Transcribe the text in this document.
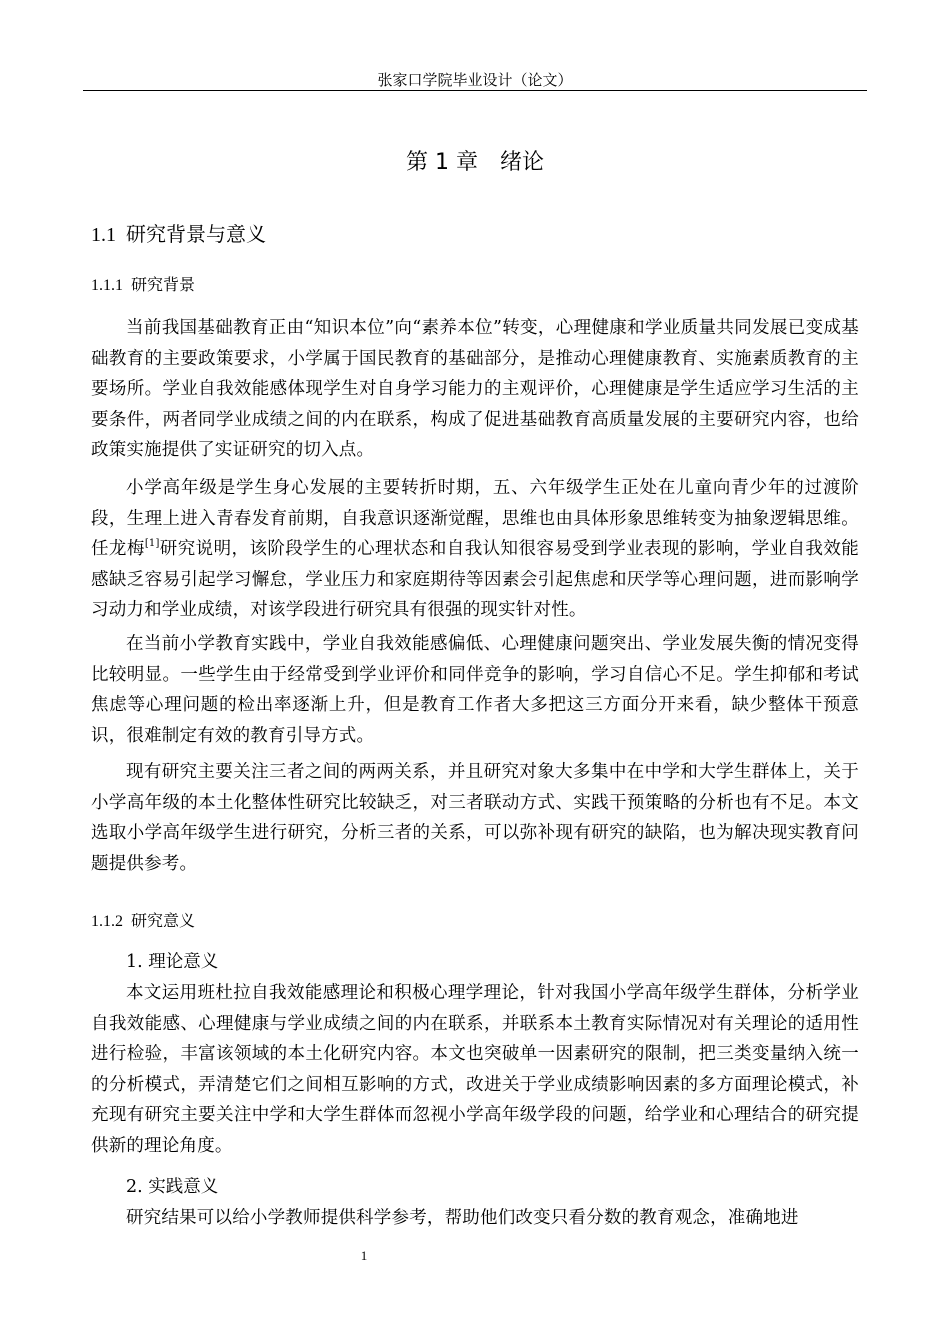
张家口学院毕业设计（论文）
第 1 章 绪论
1.1 研究背景与意义
1.1.1 研究背景
当前我国基础教育正由“知识本位”向“素养本位”转变，心理健康和学业质量共同发展已变成基础教育的主要政策要求，小学属于国民教育的基础部分，是推动心理健康教育、实施素质教育的主要场所。学业自我效能感体现学生对自身学习能力的主观评价，心理健康是学生适应学习生活的主要条件，两者同学业成绩之间的内在联系，构成了促进基础教育高质量发展的主要研究内容，也给政策实施提供了实证研究的切入点。
小学高年级是学生身心发展的主要转折时期，五、六年级学生正处在儿童向青少年的过渡阶段，生理上进入青春发育前期，自我意识逐渐觉醒，思维也由具体形象思维转变为抽象逻辑思维。任龙梅[1]研究说明，该阶段学生的心理状态和自我认知很容易受到学业表现的影响，学业自我效能感缺乏容易引起学习懈怠，学业压力和家庭期待等因素会引起焦虑和厌学等心理问题，进而影响学习动力和学业成绩，对该学段进行研究具有很强的现实针对性。
在当前小学教育实践中，学业自我效能感偏低、心理健康问题突出、学业发展失衡的情况变得比较明显。一些学生由于经常受到学业评价和同伴竞争的影响，学习自信心不足。学生抑郁和考试焦虑等心理问题的检出率逐渐上升，但是教育工作者大多把这三方面分开来看，缺少整体干预意识，很难制定有效的教育引导方式。
现有研究主要关注三者之间的两两关系，并且研究对象大多集中在中学和大学生群体上，关于小学高年级的本土化整体性研究比较缺乏，对三者联动方式、实践干预策略的分析也有不足。本文选取小学高年级学生进行研究，分析三者的关系，可以弥补现有研究的缺陷，也为解决现实教育问题提供参考。
1.1.2 研究意义
1. 理论意义
本文运用班杜拉自我效能感理论和积极心理学理论，针对我国小学高年级学生群体，分析学业自我效能感、心理健康与学业成绩之间的内在联系，并联系本土教育实际情况对有关理论的适用性进行检验，丰富该领域的本土化研究内容。本文也突破单一因素研究的限制，把三类变量纳入统一的分析模式，弄清楚它们之间相互影响的方式，改进关于学业成绩影响因素的多方面理论模式，补充现有研究主要关注中学和大学生群体而忽视小学高年级学段的问题，给学业和心理结合的研究提供新的理论角度。
2. 实践意义
研究结果可以给小学教师提供科学参考，帮助他们改变只看分数的教育观念，准确地进
1
